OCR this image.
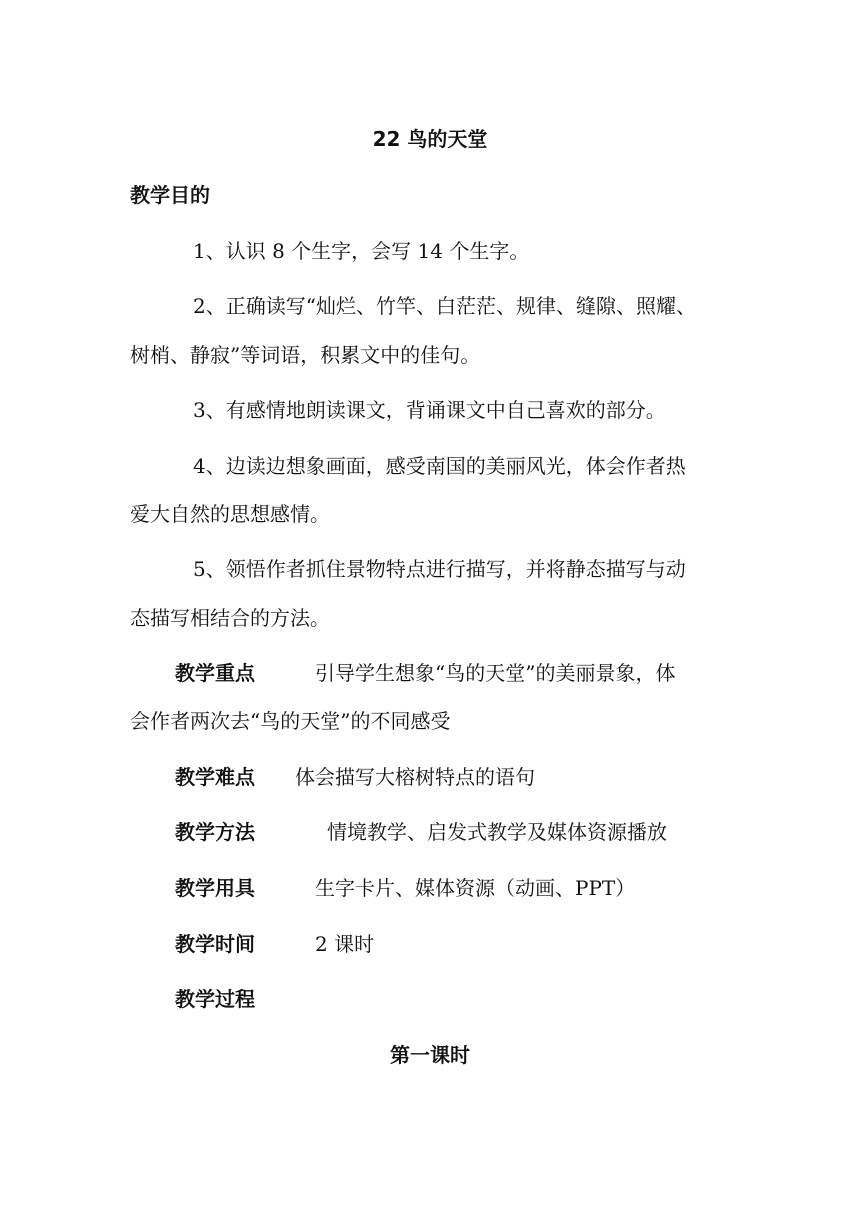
22 鸟的天堂
教学目的
1、认识 8 个生字，会写 14 个生字。
2、正确读写“灿烂、竹竿、白茫茫、规律、缝隙、照耀、
树梢、静寂”等词语，积累文中的佳句。
3、有感情地朗读课文，背诵课文中自己喜欢的部分。
4、边读边想象画面，感受南国的美丽风光，体会作者热
爱大自然的思想感情。
5、领悟作者抓住景物特点进行描写，并将静态描写与动
态描写相结合的方法。
教学重点	引导学生想象“鸟的天堂”的美丽景象，体
会作者两次去“鸟的天堂”的不同感受
教学难点 体会描写大榕树特点的语句
教学方法	情境教学、启发式教学及媒体资源播放
教学用具	生字卡片、媒体资源（动画、PPT）
教学时间	2 课时
教学过程
第一课时
